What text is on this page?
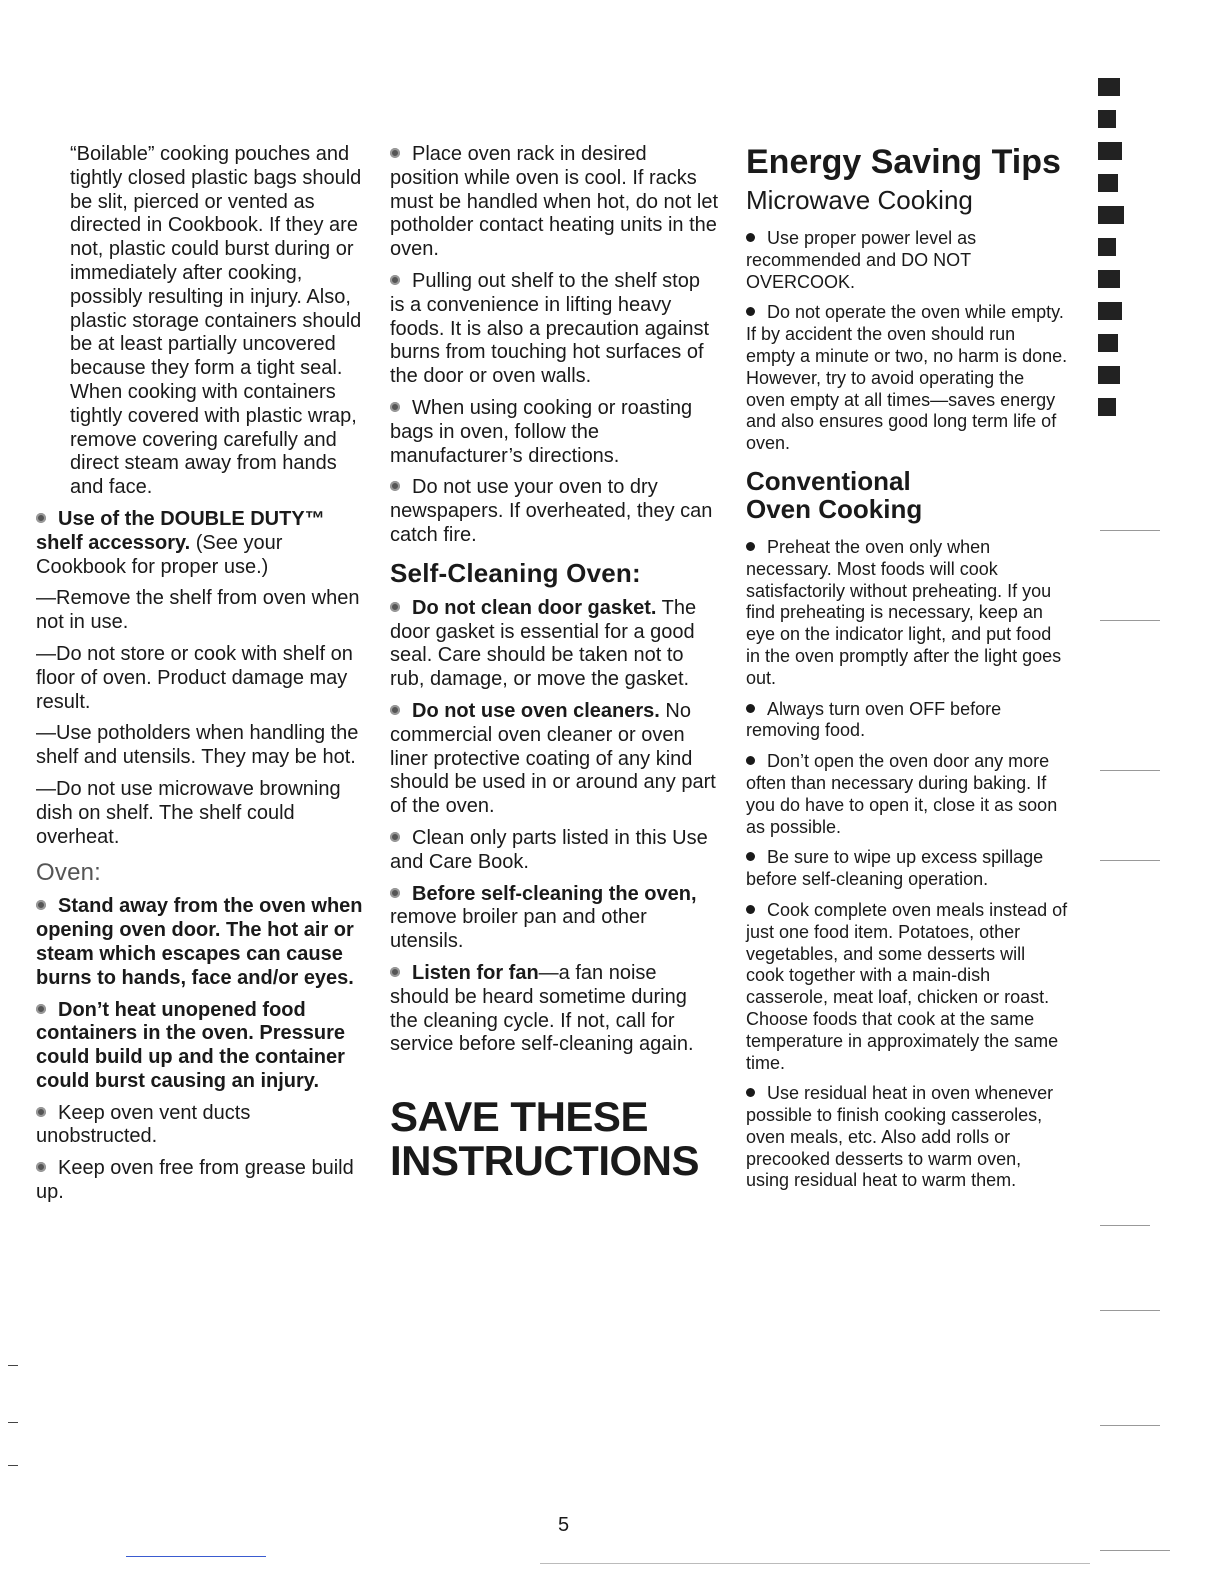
“Boilable” cooking pouches and tightly closed plastic bags should be slit, pierced or vented as directed in Cookbook. If they are not, plastic could burst during or immediately after cooking, possibly resulting in injury. Also, plastic storage containers should be at least partially uncovered because they form a tight seal. When cooking with containers tightly covered with plastic wrap, remove covering carefully and direct steam away from hands and face.

Use of the DOUBLE DUTY™ shelf accessory. (See your Cookbook for proper use.)

—Remove the shelf from oven when not in use.

—Do not store or cook with shelf on floor of oven. Product damage may result.

—Use potholders when handling the shelf and utensils. They may be hot.

—Do not use microwave browning dish on shelf. The shelf could overheat.

Oven:

Stand away from the oven when opening oven door. The hot air or steam which escapes can cause burns to hands, face and/or eyes.

Don’t heat unopened food containers in the oven. Pressure could build up and the container could burst causing an injury.

Keep oven vent ducts unobstructed.

Keep oven free from grease build up.

Place oven rack in desired position while oven is cool. If racks must be handled when hot, do not let potholder contact heating units in the oven.

Pulling out shelf to the shelf stop is a convenience in lifting heavy foods. It is also a precaution against burns from touching hot surfaces of the door or oven walls.

When using cooking or roasting bags in oven, follow the manufacturer’s directions.

Do not use your oven to dry newspapers. If overheated, they can catch fire.

Self-Cleaning Oven:

Do not clean door gasket. The door gasket is essential for a good seal. Care should be taken not to rub, damage, or move the gasket.

Do not use oven cleaners. No commercial oven cleaner or oven liner protective coating of any kind should be used in or around any part of the oven.

Clean only parts listed in this Use and Care Book.

Before self-cleaning the oven, remove broiler pan and other utensils.

Listen for fan—a fan noise should be heard sometime during the cleaning cycle. If not, call for service before self-cleaning again.

SAVE THESE
INSTRUCTIONS
Energy Saving Tips
Microwave Cooking

Use proper power level as recommended and DO NOT OVERCOOK.

Do not operate the oven while empty. If by accident the oven should run empty a minute or two, no harm is done. However, try to avoid operating the oven empty at all times—saves energy and also ensures good long term life of oven.

Conventional
Oven Cooking

Preheat the oven only when necessary. Most foods will cook satisfactorily without preheating. If you find preheating is necessary, keep an eye on the indicator light, and put food in the oven promptly after the light goes out.

Always turn oven OFF before removing food.

Don’t open the oven door any more often than necessary during baking. If you do have to open it, close it as soon as possible.

Be sure to wipe up excess spillage before self-cleaning operation.

Cook complete oven meals instead of just one food item. Potatoes, other vegetables, and some desserts will cook together with a main-dish casserole, meat loaf, chicken or roast. Choose foods that cook at the same temperature in approximately the same time.

Use residual heat in oven whenever possible to finish cooking casseroles, oven meals, etc. Also add rolls or precooked desserts to warm oven, using residual heat to warm them.

5
